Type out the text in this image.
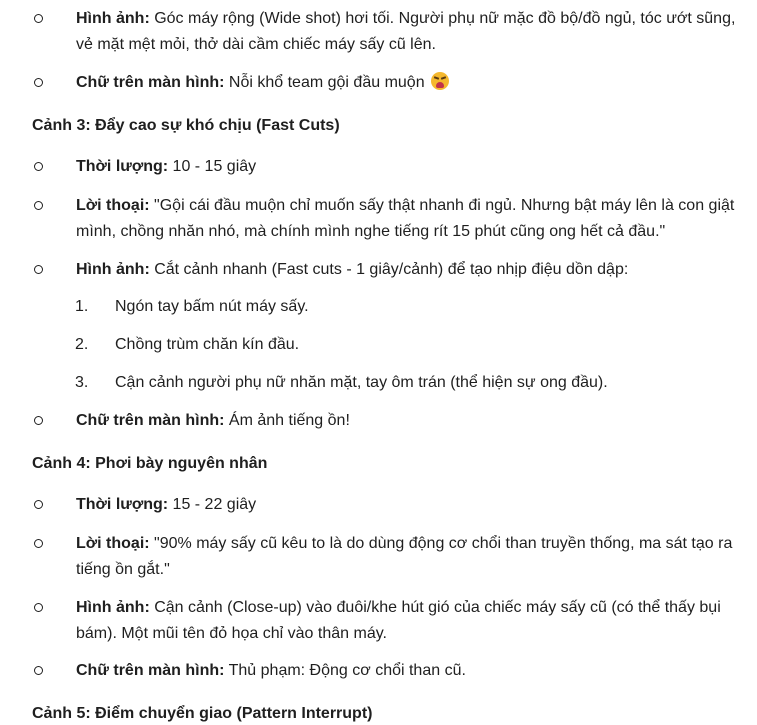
Hình ảnh: Góc máy rộng (Wide shot) hơi tối. Người phụ nữ mặc đồ bộ/đồ ngủ, tóc ướt sũng, vẻ mặt mệt mỏi, thở dài cầm chiếc máy sấy cũ lên.
Chữ trên màn hình: Nỗi khổ team gội đầu muộn
Cảnh 3: Đẩy cao sự khó chịu (Fast Cuts)
Thời lượng: 10 - 15 giây
Lời thoại: "Gội cái đầu muộn chỉ muốn sấy thật nhanh đi ngủ. Nhưng bật máy lên là con giật mình, chồng nhăn nhó, mà chính mình nghe tiếng rít 15 phút cũng ong hết cả đầu."
Hình ảnh: Cắt cảnh nhanh (Fast cuts - 1 giây/cảnh) để tạo nhịp điệu dồn dập:
1. Ngón tay bấm nút máy sấy.
2. Chồng trùm chăn kín đầu.
3. Cận cảnh người phụ nữ nhăn mặt, tay ôm trán (thể hiện sự ong đầu).
Chữ trên màn hình: Ám ảnh tiếng ồn!
Cảnh 4: Phơi bày nguyên nhân
Thời lượng: 15 - 22 giây
Lời thoại: "90% máy sấy cũ kêu to là do dùng động cơ chổi than truyền thống, ma sát tạo ra tiếng ồn gắt."
Hình ảnh: Cận cảnh (Close-up) vào đuôi/khe hút gió của chiếc máy sấy cũ (có thể thấy bụi bám). Một mũi tên đỏ họa chỉ vào thân máy.
Chữ trên màn hình: Thủ phạm: Động cơ chổi than cũ.
Cảnh 5: Điểm chuyển giao (Pattern Interrupt)
